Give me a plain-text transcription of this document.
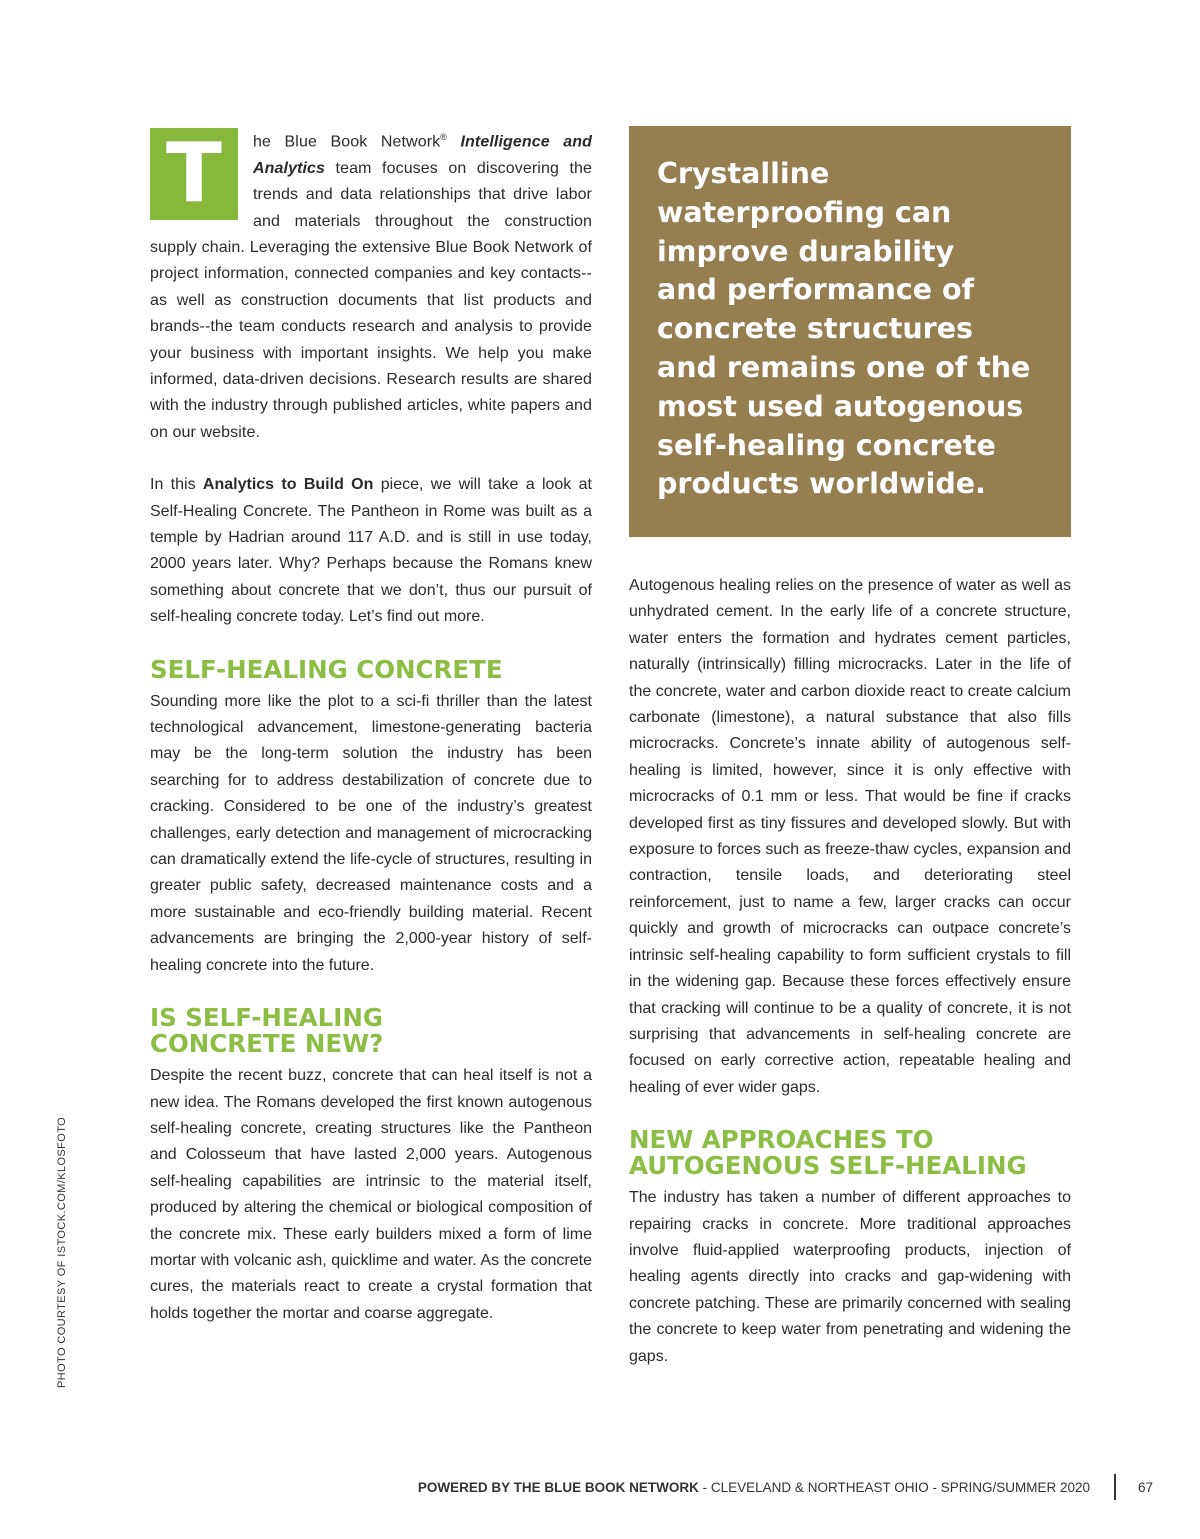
T	he Blue Book Network® Intelligence and Analytics team focuses on discovering the trends and data relationships that drive labor and materials throughout the construction supply chain. Leveraging the extensive Blue Book Network of project information, connected companies and key contacts--as well as construction documents that list products and brands--the team conducts research and analysis to provide your business with important insights. We help you make informed, data-driven decisions. Research results are shared with the industry through published articles, white papers and on our website.

In this Analytics to Build On piece, we will take a look at Self-Healing Concrete. The Pantheon in Rome was built as a temple by Hadrian around 117 A.D. and is still in use today, 2000 years later. Why? Perhaps because the Romans knew something about concrete that we don’t, thus our pursuit of self-healing concrete today. Let’s find out more.

SELF-HEALING CONCRETE

Sounding more like the plot to a sci-fi thriller than the latest technological advancement, limestone-generating bacteria may be the long-term solution the industry has been searching for to address destabilization of concrete due to cracking. Considered to be one of the industry’s greatest challenges, early detection and management of microcracking can dramatically extend the life-cycle of structures, resulting in greater public safety, decreased maintenance costs and a more sustainable and eco-friendly building material. Recent advancements are bringing the 2,000-year history of self-healing concrete into the future.

IS SELF-HEALING
CONCRETE NEW?

Despite the recent buzz, concrete that can heal itself is not a new idea. The Romans developed the first known autogenous self-healing concrete, creating structures like the Pantheon and Colosseum that have lasted 2,000 years. Autogenous self-healing capabilities are intrinsic to the material itself, produced by altering the chemical or biological composition of the concrete mix. These early builders mixed a form of lime mortar with volcanic ash, quicklime and water. As the concrete cures, the materials react to create a crystal formation that holds together the mortar and coarse aggregate.

Crystalline
waterproofing can
improve durability
and performance of
concrete structures
and remains one of the
most used autogenous
self-healing concrete
products worldwide.

Autogenous healing relies on the presence of water as well as unhydrated cement. In the early life of a concrete structure, water enters the formation and hydrates cement particles, naturally (intrinsically) filling microcracks. Later in the life of the concrete, water and carbon dioxide react to create calcium carbonate (limestone), a natural substance that also fills microcracks. Concrete’s innate ability of autogenous self-healing is limited, however, since it is only effective with microcracks of 0.1 mm or less. That would be fine if cracks developed first as tiny fissures and developed slowly. But with exposure to forces such as freeze-thaw cycles, expansion and contraction, tensile loads, and deteriorating steel reinforcement, just to name a few, larger cracks can occur quickly and growth of microcracks can outpace concrete’s intrinsic self-healing capability to form sufficient crystals to fill in the widening gap. Because these forces effectively ensure that cracking will continue to be a quality of concrete, it is not surprising that advancements in self-healing concrete are focused on early corrective action, repeatable healing and healing of ever wider gaps.

NEW APPROACHES TO
AUTOGENOUS SELF-HEALING

The industry has taken a number of different approaches to repairing cracks in concrete. More traditional approaches involve fluid-applied waterproofing products, injection of healing agents directly into cracks and gap-widening with concrete patching. These are primarily concerned with sealing the concrete to keep water from penetrating and widening the gaps.

PHOTO COURTESY OF ISTOCK.COM/KLOSFOTO
POWERED BY THE BLUE BOOK NETWORK - CLEVELAND & NORTHEAST OHIO - SPRING/SUMMER 2020	67
